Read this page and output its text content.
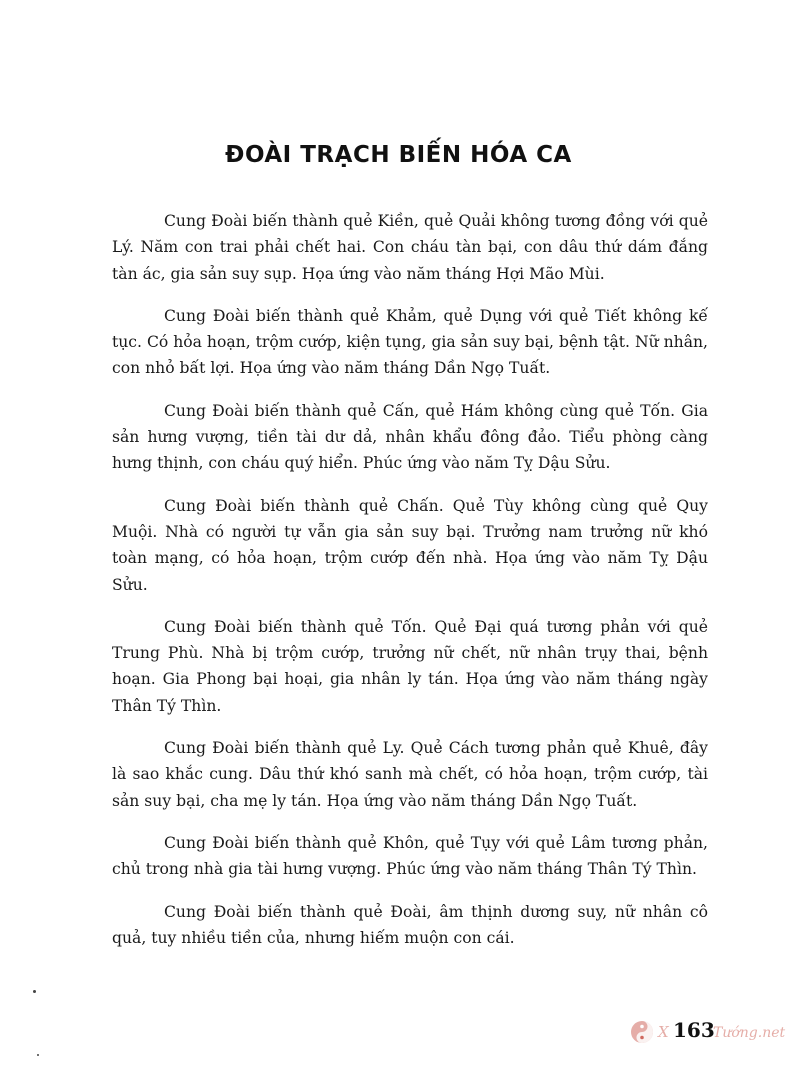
ĐOÀI TRẠCH BIẾN HÓA CA

Cung Đoài biến thành quẻ Kiền, quẻ Quải không tương đồng với quẻ Lý. Năm con trai phải chết hai. Con cháu tàn bại, con dâu thứ dám đắng tàn ác, gia sản suy sụp. Họa ứng vào năm tháng Hợi Mão Mùi.

Cung Đoài biến thành quẻ Khảm, quẻ Dụng với quẻ Tiết không kế tục. Có hỏa hoạn, trộm cướp, kiện tụng, gia sản suy bại, bệnh tật. Nữ nhân, con nhỏ bất lợi. Họa ứng vào năm tháng Dần Ngọ Tuất.

Cung Đoài biến thành quẻ Cấn, quẻ Hám không cùng quẻ Tốn. Gia sản hưng vượng, tiền tài dư dả, nhân khẩu đông đảo. Tiểu phòng càng hưng thịnh, con cháu quý hiển. Phúc ứng vào năm Tỵ Dậu Sửu.

Cung Đoài biến thành quẻ Chấn. Quẻ Tùy không cùng quẻ Quy Muội. Nhà có người tự vẫn gia sản suy bại. Trưởng nam trưởng nữ khó toàn mạng, có hỏa hoạn, trộm cướp đến nhà. Họa ứng vào năm Tỵ Dậu Sửu.

Cung Đoài biến thành quẻ Tốn. Quẻ Đại quá tương phản với quẻ Trung Phù. Nhà bị trộm cướp, trưởng nữ chết, nữ nhân trụy thai, bệnh hoạn. Gia Phong bại hoại, gia nhân ly tán. Họa ứng vào năm tháng ngày Thân Tý Thìn.

Cung Đoài biến thành quẻ Ly. Quẻ Cách tương phản quẻ Khuê, đây là sao khắc cung. Dâu thứ khó sanh mà chết, có hỏa hoạn, trộm cướp, tài sản suy bại, cha mẹ ly tán. Họa ứng vào năm tháng Dần Ngọ Tuất.

Cung Đoài biến thành quẻ Khôn, quẻ Tụy với quẻ Lâm tương phản, chủ trong nhà gia tài hưng vượng. Phúc ứng vào năm tháng Thân Tý Thìn.

Cung Đoài biến thành quẻ Đoài, âm thịnh dương suy, nữ nhân cô quả, tuy nhiều tiền của, nhưng hiếm muộn con cái.

X	Tướng.net
163
